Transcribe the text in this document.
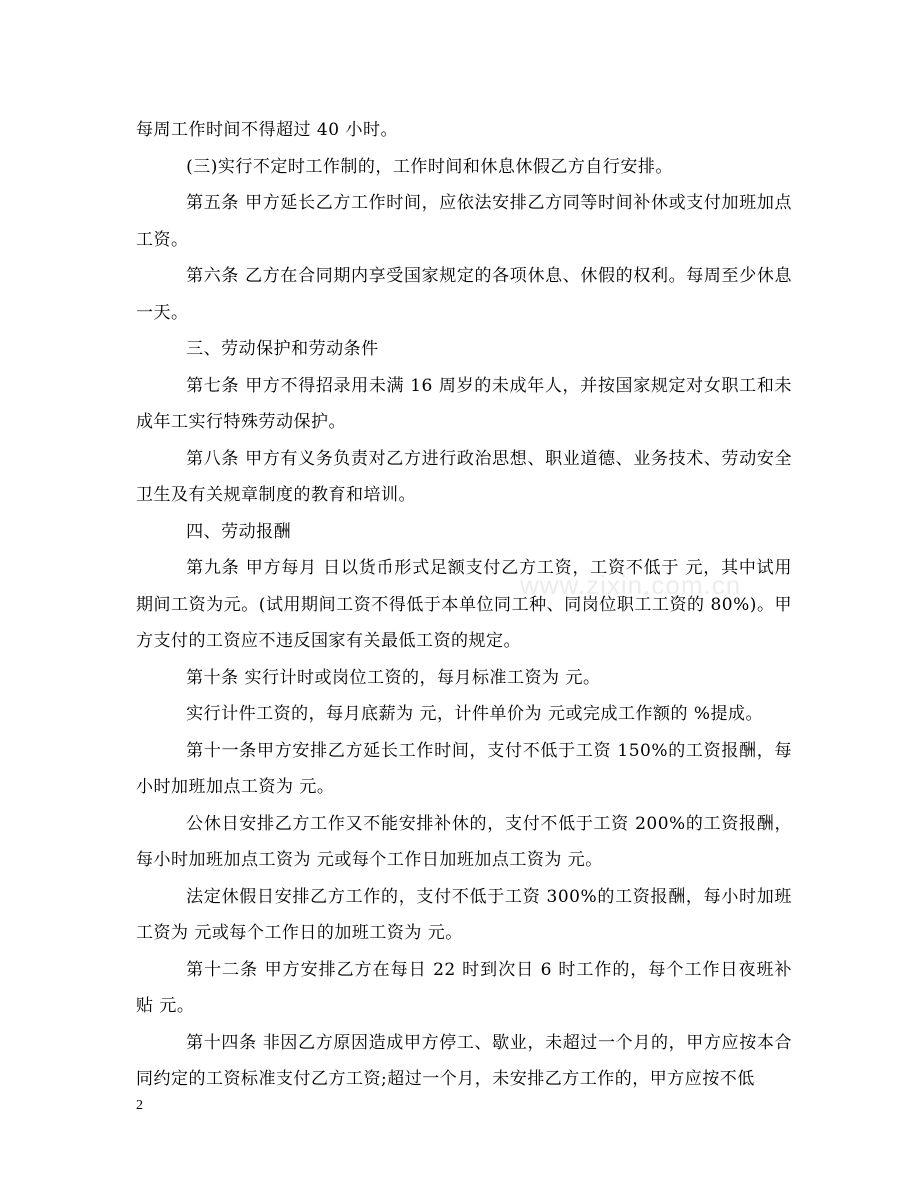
www.zixin.com.cn

每周工作时间不得超过 40 小时。

(三)实行不定时工作制的，工作时间和休息休假乙方自行安排。

第五条 甲方延长乙方工作时间，应依法安排乙方同等时间补休或支付加班加点工资。

第六条 乙方在合同期内享受国家规定的各项休息、休假的权利。每周至少休息一天。

三、劳动保护和劳动条件

第七条 甲方不得招录用未满 16 周岁的未成年人，并按国家规定对女职工和未成年工实行特殊劳动保护。

第八条 甲方有义务负责对乙方进行政治思想、职业道德、业务技术、劳动安全卫生及有关规章制度的教育和培训。

四、劳动报酬

第九条 甲方每月 日以货币形式足额支付乙方工资，工资不低于 元，其中试用期间工资为元。(试用期间工资不得低于本单位同工种、同岗位职工工资的 80%)。甲方支付的工资应不违反国家有关最低工资的规定。

第十条 实行计时或岗位工资的，每月标准工资为 元。

实行计件工资的，每月底薪为 元，计件单价为 元或完成工作额的 %提成。

第十一条甲方安排乙方延长工作时间，支付不低于工资 150%的工资报酬，每小时加班加点工资为 元。

公休日安排乙方工作又不能安排补休的，支付不低于工资 200%的工资报酬，每小时加班加点工资为 元或每个工作日加班加点工资为 元。

法定休假日安排乙方工作的，支付不低于工资 300%的工资报酬，每小时加班工资为 元或每个工作日的加班工资为 元。

第十二条 甲方安排乙方在每日 22 时到次日 6 时工作的，每个工作日夜班补贴 元。

第十四条 非因乙方原因造成甲方停工、歇业，未超过一个月的，甲方应按本合同约定的工资标准支付乙方工资;超过一个月，未安排乙方工作的，甲方应按不低

2
